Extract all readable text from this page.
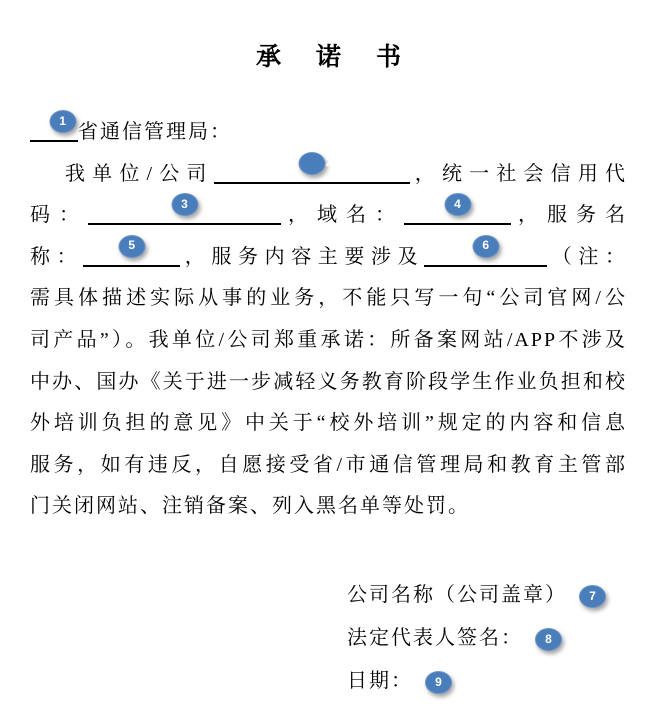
承 诺 书
1
省通信管理局：
我单位/公司
2
，统一社会信用代
码：
3
，域名：
4
，服务名
称：
5
，服务内容主要涉及
6
（注：
需具体描述实际从事的业务，不能只写一句“公司官网/公
司产品”）。我单位/公司郑重承诺：所备案网站/APP不涉及
中办、国办《关于进一步减轻义务教育阶段学生作业负担和校
外培训负担的意见》中关于“校外培训”规定的内容和信息
服务，如有违反，自愿接受省/市通信管理局和教育主管部
门关闭网站、注销备案、列入黑名单等处罚。
公司名称（公司盖章） 7
法定代表人签名： 8
日期： 9
